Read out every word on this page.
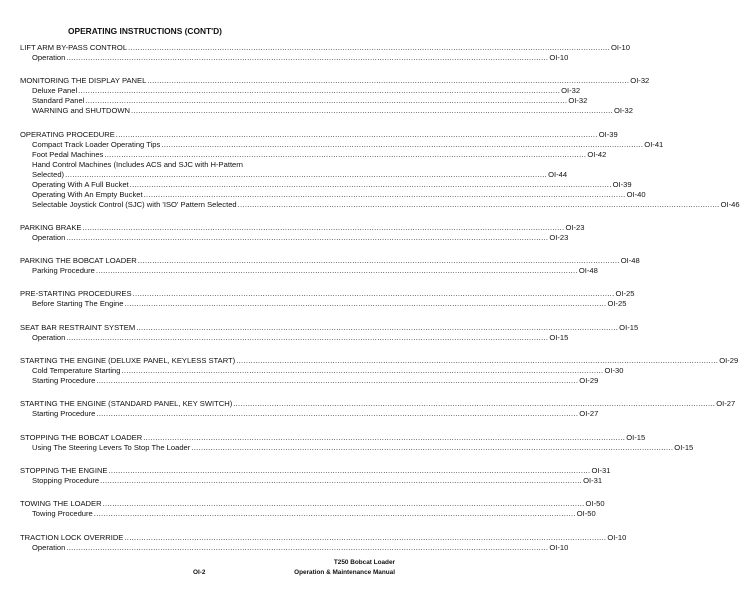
OPERATING INSTRUCTIONS (CONT'D)
LIFT ARM BY-PASS CONTROL ........................................................................................................................................................................................................ OI-10
Operation ........................................................................................................................................................................................................ OI-10
MONITORING THE DISPLAY PANEL ........................................................................................................................................................................................................ OI-32
Deluxe Panel ........................................................................................................................................................................................................ OI-32
Standard Panel ........................................................................................................................................................................................................ OI-32
WARNING and SHUTDOWN ........................................................................................................................................................................................................ OI-32
OPERATING PROCEDURE ........................................................................................................................................................................................................ OI-39
Compact Track Loader Operating Tips ........................................................................................................................................................................................................ OI-41
Foot Pedal Machines ........................................................................................................................................................................................................ OI-42
Hand Control Machines (Includes ACS and SJC with H-Pattern
Selected) ........................................................................................................................................................................................................ OI-44
Operating With A Full Bucket ........................................................................................................................................................................................................ OI-39
Operating With An Empty Bucket ........................................................................................................................................................................................................ OI-40
Selectable Joystick Control (SJC) with 'ISO' Pattern Selected ........................................................................................................................................................................................................ OI-46
PARKING BRAKE ........................................................................................................................................................................................................ OI-23
Operation ........................................................................................................................................................................................................ OI-23
PARKING THE BOBCAT LOADER ........................................................................................................................................................................................................ OI-48
Parking Procedure ........................................................................................................................................................................................................ OI-48
PRE-STARTING PROCEDURES ........................................................................................................................................................................................................ OI-25
Before Starting The Engine ........................................................................................................................................................................................................ OI-25
SEAT BAR RESTRAINT SYSTEM ........................................................................................................................................................................................................ OI-15
Operation ........................................................................................................................................................................................................ OI-15
STARTING THE ENGINE (DELUXE PANEL, KEYLESS START) ........................................................................................................................................................................................................ OI-29
Cold Temperature Starting ........................................................................................................................................................................................................ OI-30
Starting Procedure ........................................................................................................................................................................................................ OI-29
STARTING THE ENGINE (STANDARD PANEL, KEY SWITCH) ........................................................................................................................................................................................................ OI-27
Starting Procedure ........................................................................................................................................................................................................ OI-27
STOPPING THE BOBCAT LOADER ........................................................................................................................................................................................................ OI-15
Using The Steering Levers To Stop The Loader ........................................................................................................................................................................................................ OI-15
STOPPING THE ENGINE ........................................................................................................................................................................................................ OI-31
Stopping Procedure ........................................................................................................................................................................................................ OI-31
TOWING THE LOADER ........................................................................................................................................................................................................ OI-50
Towing Procedure ........................................................................................................................................................................................................ OI-50
TRACTION LOCK OVERRIDE ........................................................................................................................................................................................................ OI-10
Operation ........................................................................................................................................................................................................ OI-10
OI-2
T250 Bobcat Loader
Operation & Maintenance Manual
